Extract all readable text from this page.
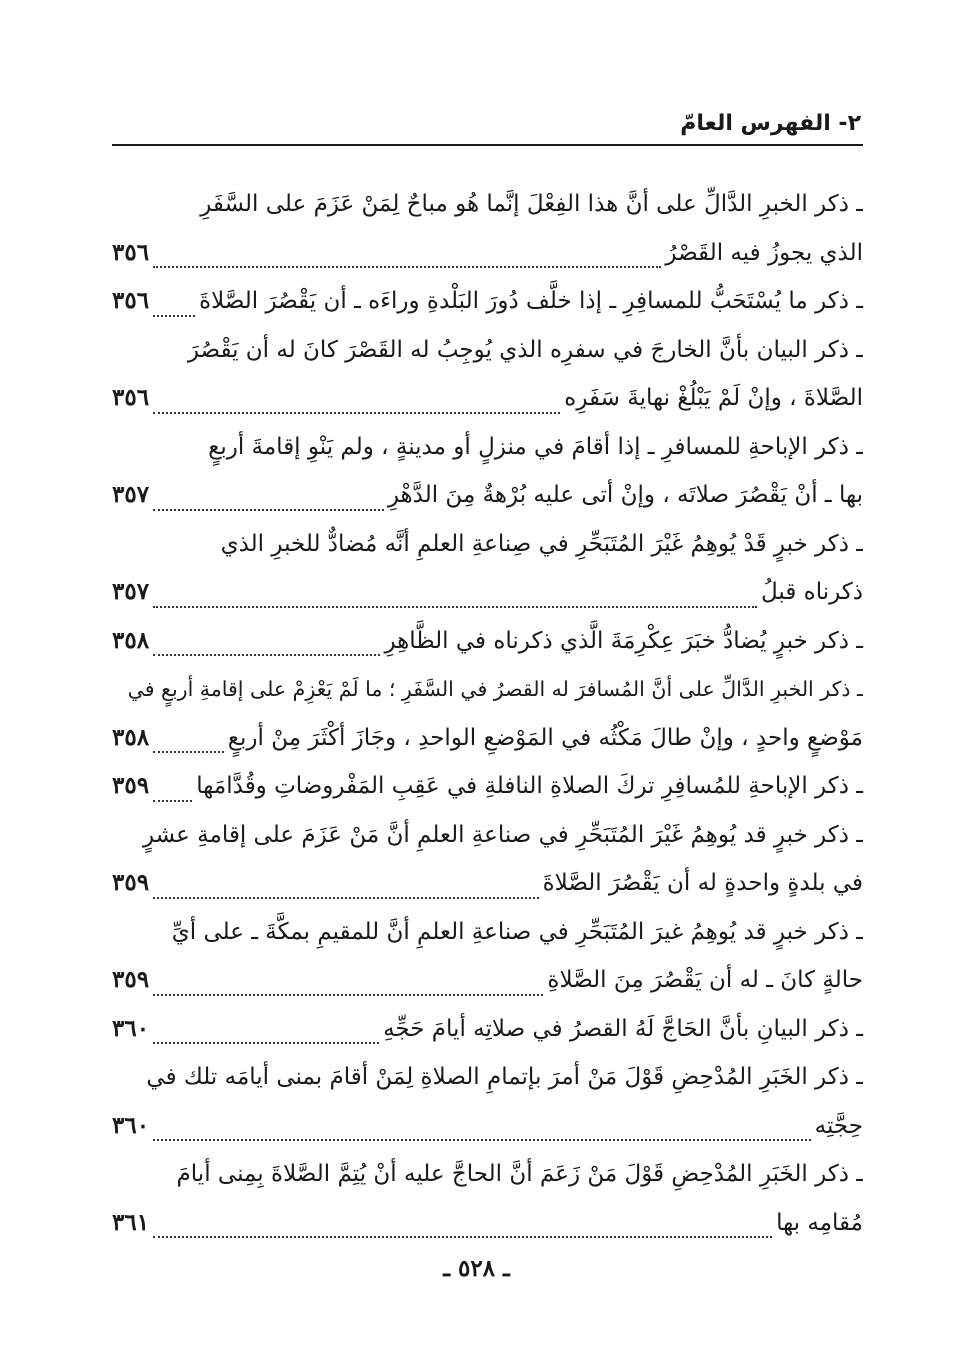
٢- الفهرس العامّ
ـ ذكر الخبرِ الدَّالِّ على أنَّ هذا الفِعْلَ إنَّما هُو مباحٌ لِمَنْ عَزَمَ على السَّفَرِ
الذي يجوزُ فيه القَصْرُ
٣٥٦
ـ ذكر ما يُسْتَحَبُّ للمسافِرِ ـ إذا خلَّف دُورَ البَلْدةِ وراءَه ـ أن يَقْصُرَ الصَّلاةَ
٣٥٦
ـ ذكر البيان بأنَّ الخارجَ في سفرِه الذي يُوجِبُ له القَصْرَ كانَ له أن يَقْصُرَ
الصَّلاةَ ، وإنْ لَمْ يَبْلُغْ نهايةَ سَفَرِه
٣٥٦
ـ ذكر الإباحةِ للمسافرِ ـ إذا أقامَ في منزلٍ أو مدينةٍ ، ولم يَنْوِ إقامةَ أربعٍ
بها ـ أنْ يَقْصُرَ صلاتَه ، وإنْ أتى عليه بُرْهةٌ مِنَ الدَّهْرِ
٣٥٧
ـ ذكر خبرٍ قَدْ يُوهِمُ غَيْرَ المُتَبَحِّرِ في صِناعةِ العلمِ أنَّه مُضادٌّ للخبرِ الذي
ذكرناه قبلُ
٣٥٧
ـ ذكر خبرٍ يُضادُّ خبَرَ عِكْرِمَةَ الَّذي ذكرناه في الظَّاهِرِ
٣٥٨
ـ ذكر الخبرِ الدَّالِّ على أنَّ المُسافرَ له القصرُ في السَّفَرِ ؛ ما لَمْ يَعْزِمْ على إقامةِ أربعٍ في
مَوْضعٍ واحدٍ ، وإنْ طالَ مَكْثُه في المَوْضعِ الواحدِ ، وجَازَ أكْثَرَ مِنْ أربعٍ
٣٥٨
ـ ذكر الإباحةِ للمُسافِرِ تركَ الصلاةِ النافلةِ في عَقِبِ المَفْروضاتِ وقُدَّامَها
٣٥٩
ـ ذكر خبرٍ قد يُوهِمُ غَيْرَ المُتَبَحِّرِ في صناعةِ العلمِ أنَّ مَنْ عَزَمَ على إقامةِ عشرٍ
في بلدةٍ واحدةٍ له أن يَقْصُرَ الصَّلاةَ
٣٥٩
ـ ذكر خبرٍ قد يُوهِمُ غيرَ المُتَبَحِّرِ في صناعةِ العلمِ أنَّ للمقيمِ بمكَّةَ ـ على أيِّ
حالةٍ كانَ ـ له أن يَقْصُرَ مِنَ الصَّلاةِ
٣٥٩
ـ ذكر البيانِ بأنَّ الحَاجَّ لَهُ القصرُ في صلاتِه أيامَ حَجِّهِ
٣٦٠
ـ ذكر الخَبَرِ المُدْحِضِ قَوْلَ مَنْ أمرَ بإتمامِ الصلاةِ لِمَنْ أقامَ بمنى أيامَه تلك في
حِجَّتِه
٣٦٠
ـ ذكر الخَبَرِ المُدْحِضِ قَوْلَ مَنْ زَعَمَ أنَّ الحاجَّ عليه أنْ يُتِمَّ الصَّلاةَ بِمِنى أيامَ
مُقامِه بها
٣٦١
ـ ٥٢٨ ـ
